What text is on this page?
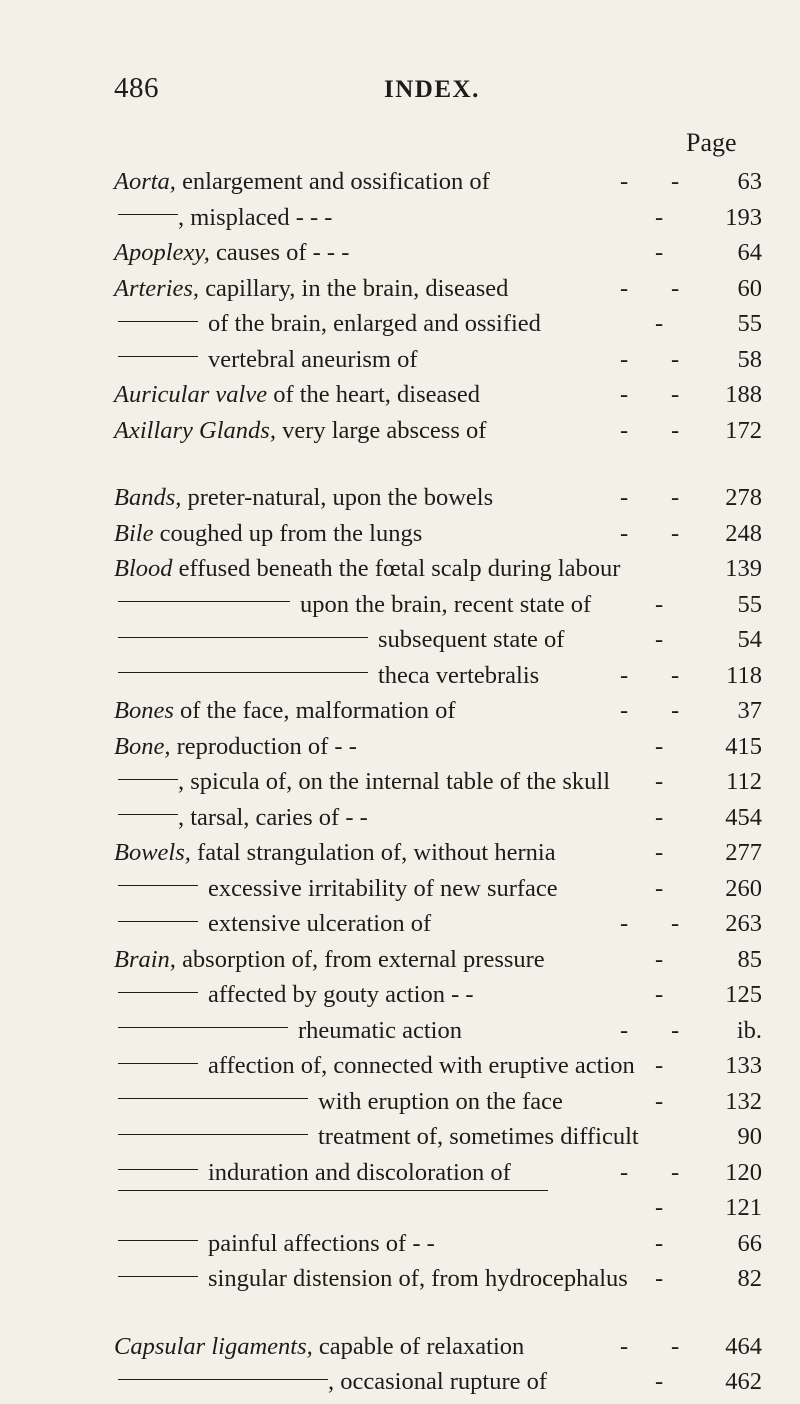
486	INDEX.
Page
Aorta, enlargement and ossification of	-       -	63
, misplaced - - -	-	193
Apoplexy, causes of - - -	-	64
Arteries, capillary, in the brain, diseased	-       -	60
of the brain, enlarged and ossified	-	55
vertebral aneurism of	-       -	58
Auricular valve of the heart, diseased	-       -	188
Axillary Glands, very large abscess of	-       -	172
Bands, preter-natural, upon the bowels	-       -	278
Bile coughed up from the lungs	-       -	248
Blood effused beneath the fœtal scalp during labour	139
upon the brain, recent state of	-	55
subsequent state of	-	54
theca vertebralis	-       -	118
Bones of the face, malformation of	-       -	37
Bone, reproduction of - -	-	415
, spicula of, on the internal table of the skull -	112
, tarsal, caries of - -	-	454
Bowels, fatal strangulation of, without hernia	-	277
excessive irritability of new surface	-	260
extensive ulceration of	-       -	263
Brain, absorption of, from external pressure	-	85
affected by gouty action - -	-	125
rheumatic action	-       -	ib.
affection of, connected with eruptive action -	133
with eruption on the face	-	132
treatment of, sometimes difficult	90
induration and discoloration of	-       -	120
-	121
painful affections of - -	-	66
singular distension of, from hydrocephalus -	82
Capsular ligaments, capable of relaxation	-       -	464
, occasional rupture of	-	462
